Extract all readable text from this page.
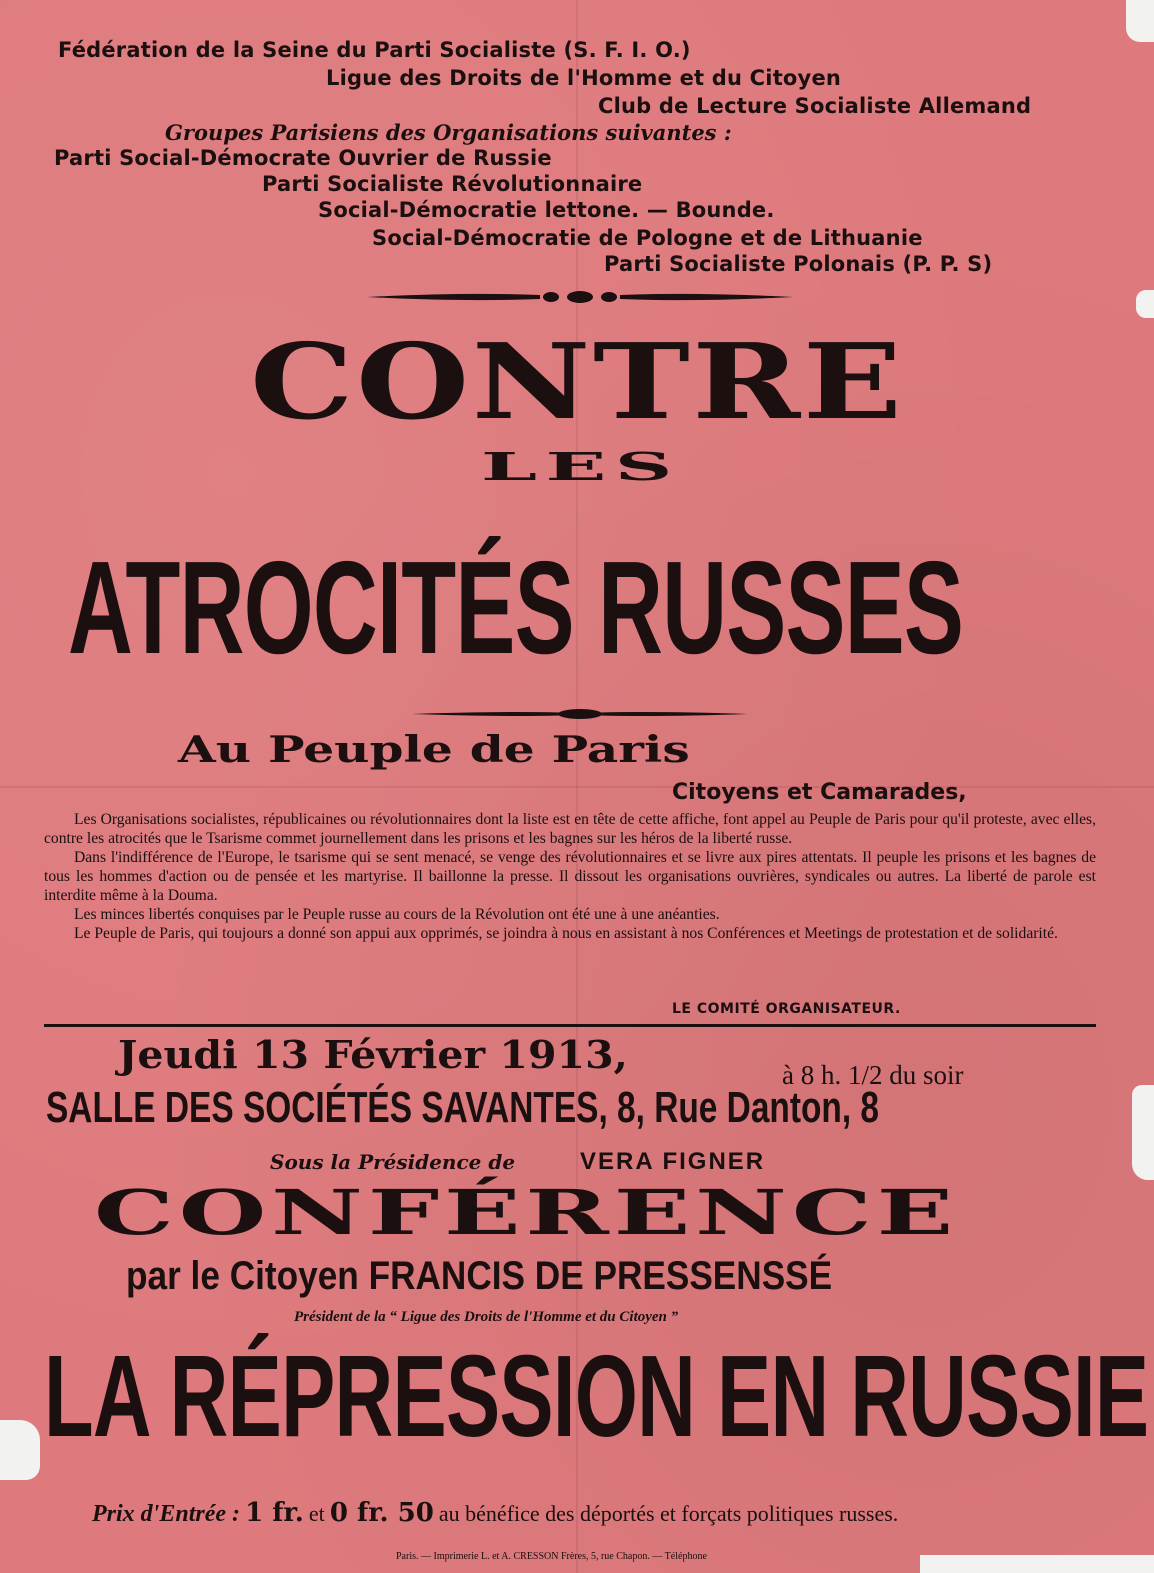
Fédération de la Seine du Parti Socialiste (S. F. I. O.)
Ligue des Droits de l'Homme et du Citoyen
Club de Lecture Socialiste Allemand
Groupes Parisiens des Organisations suivantes :
Parti Social-Démocrate Ouvrier de Russie
Parti Socialiste Révolutionnaire
Social-Démocratie lettone. — Bounde.
Social-Démocratie de Pologne et de Lithuanie
Parti Socialiste Polonais (P. P. S)
CONTRE
LES
ATROCITÉS RUSSES
Au Peuple de Paris
Citoyens et Camarades,

Les Organisations socialistes, républicaines ou révolutionnaires dont la liste est en tête de cette affiche, font appel au Peuple de Paris pour qu'il proteste, avec elles, contre les atrocités que le Tsarisme commet journellement dans les prisons et les bagnes sur les héros de la liberté russe.

Dans l'indifférence de l'Europe, le tsarisme qui se sent menacé, se venge des révolutionnaires et se livre aux pires attentats. Il peuple les prisons et les bagnes de tous les hommes d'action ou de pensée et les martyrise. Il baillonne la presse. Il dissout les organisations ouvrières, syndicales ou autres. La liberté de parole est interdite même à la Douma.

Les minces libertés conquises par le Peuple russe au cours de la Révolution ont été une à une anéanties.

Le Peuple de Paris, qui toujours a donné son appui aux opprimés, se joindra à nous en assistant à nos Conférences et Meetings de protestation et de solidarité.

LE COMITÉ ORGANISATEUR.
Jeudi 13 Février 1913,	à 8 h. 1/2 du soir
SALLE DES SOCIÉTÉS SAVANTES, 8, Rue Danton, 8
Sous la Présidence de	VERA FIGNER
CONFÉRENCE
par le Citoyen FRANCIS DE PRESSENSSÉ
Président de la “ Ligue des Droits de l'Homme et du Citoyen ”
LA RÉPRESSION EN RUSSIE
Prix d'Entrée : 1 fr. et 0 fr. 50 au bénéfice des déportés et forçats politiques russes.
Paris. — Imprimerie L. et A. CRESSON Frères, 5, rue Chapon. — Téléphone
